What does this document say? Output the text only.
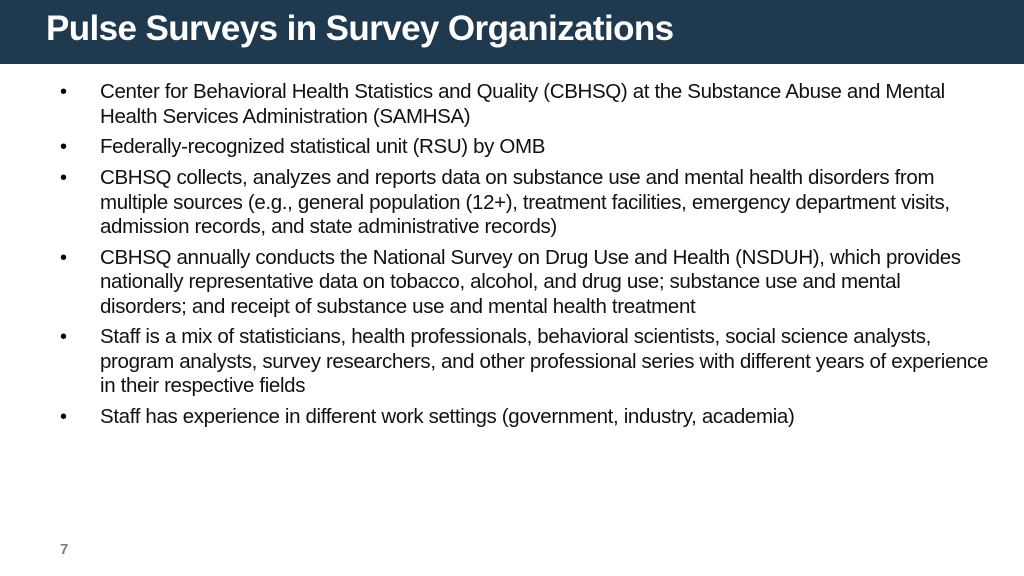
Pulse Surveys in Survey Organizations
•	Center for Behavioral Health Statistics and Quality (CBHSQ) at the Substance Abuse and Mental Health Services Administration (SAMHSA)
•	Federally-recognized statistical unit (RSU) by OMB
•	CBHSQ collects, analyzes and reports data on substance use and mental health disorders from multiple sources (e.g., general population (12+), treatment facilities, emergency department visits, admission records, and state administrative records)
•	CBHSQ annually conducts the National Survey on Drug Use and Health (NSDUH), which provides nationally representative data on tobacco, alcohol, and drug use; substance use and mental disorders; and receipt of substance use and mental health treatment
•	Staff is a mix of statisticians, health professionals, behavioral scientists, social science analysts, program analysts, survey researchers, and other professional series with different years of experience in their respective fields
•	Staff has experience in different work settings (government, industry, academia)
7
